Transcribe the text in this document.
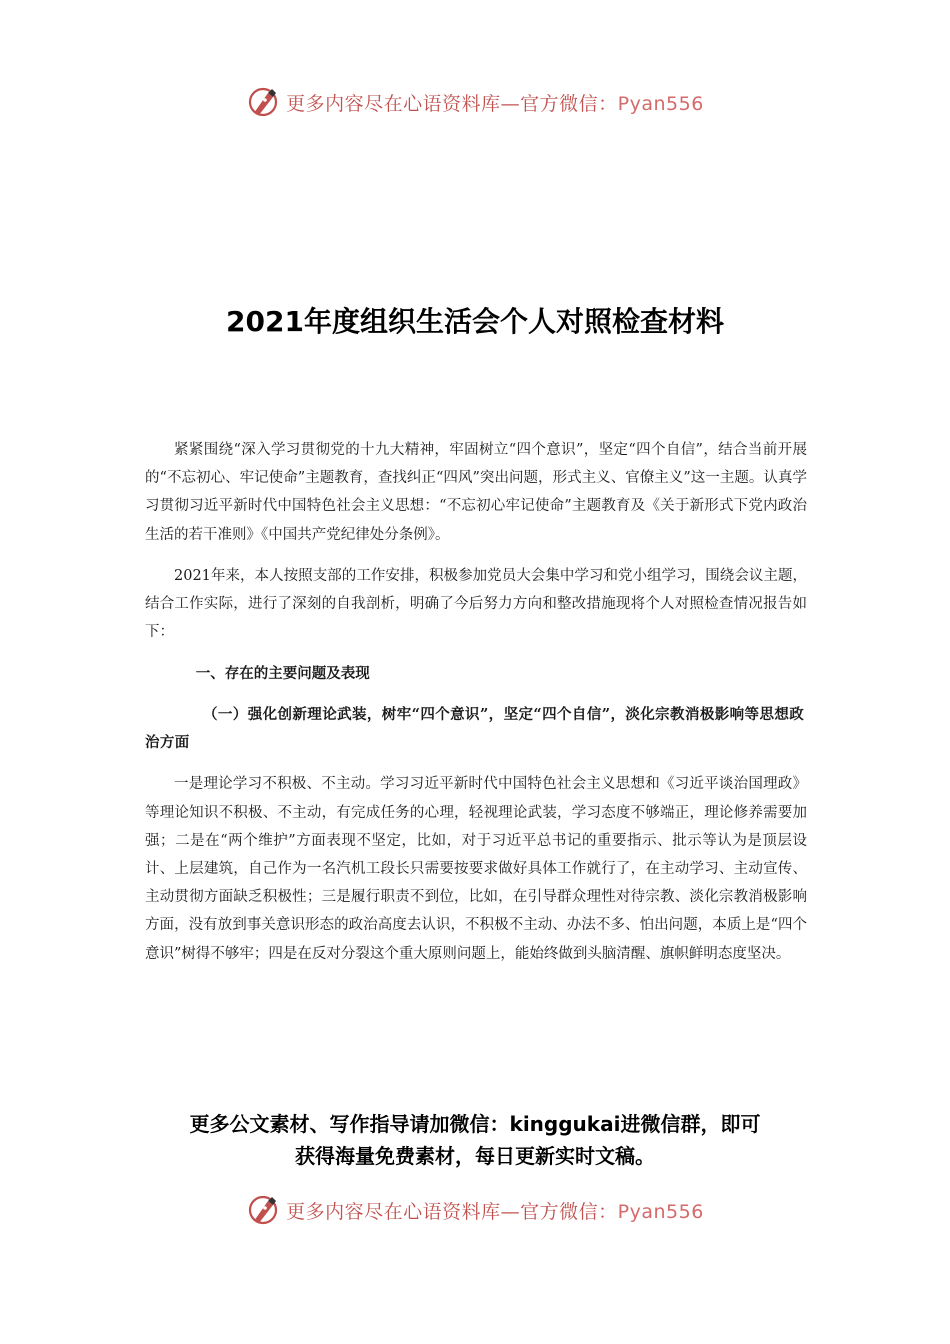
更多内容尽在心语资料库—官方微信：Pyan556
2021年度组织生活会个人对照检查材料

紧紧围绕“深入学习贯彻党的十九大精神，牢固树立“四个意识”，坚定“四个自信”，结合当前开展的“不忘初心、牢记使命”主题教育，查找纠正“四风”突出问题，形式主义、官僚主义”这一主题。认真学习贯彻习近平新时代中国特色社会主义思想：“不忘初心牢记使命”主题教育及《关于新形式下党内政治生活的若干准则》《中国共产党纪律处分条例》。

2021年来，本人按照支部的工作安排，积极参加党员大会集中学习和党小组学习，围绕会议主题，结合工作实际，进行了深刻的自我剖析，明确了今后努力方向和整改措施现将个人对照检查情况报告如下：

一、存在的主要问题及表现

（一）强化创新理论武装，树牢“四个意识”，坚定“四个自信”，淡化宗教消极影响等思想政治方面

一是理论学习不积极、不主动。学习习近平新时代中国特色社会主义思想和《习近平谈治国理政》等理论知识不积极、不主动，有完成任务的心理，轻视理论武装，学习态度不够端正，理论修养需要加强；二是在“两个维护”方面表现不坚定，比如，对于习近平总书记的重要指示、批示等认为是顶层设计、上层建筑，自己作为一名汽机工段长只需要按要求做好具体工作就行了，在主动学习、主动宣传、主动贯彻方面缺乏积极性；三是履行职责不到位，比如，在引导群众理性对待宗教、淡化宗教消极影响方面，没有放到事关意识形态的政治高度去认识，不积极不主动、办法不多、怕出问题，本质上是“四个意识”树得不够牢；四是在反对分裂这个重大原则问题上，能始终做到头脑清醒、旗帜鲜明态度坚决。

更多公文素材、写作指导请加微信：kinggukai进微信群，即可
获得海量免费素材，每日更新实时文稿。
更多内容尽在心语资料库—官方微信：Pyan556
